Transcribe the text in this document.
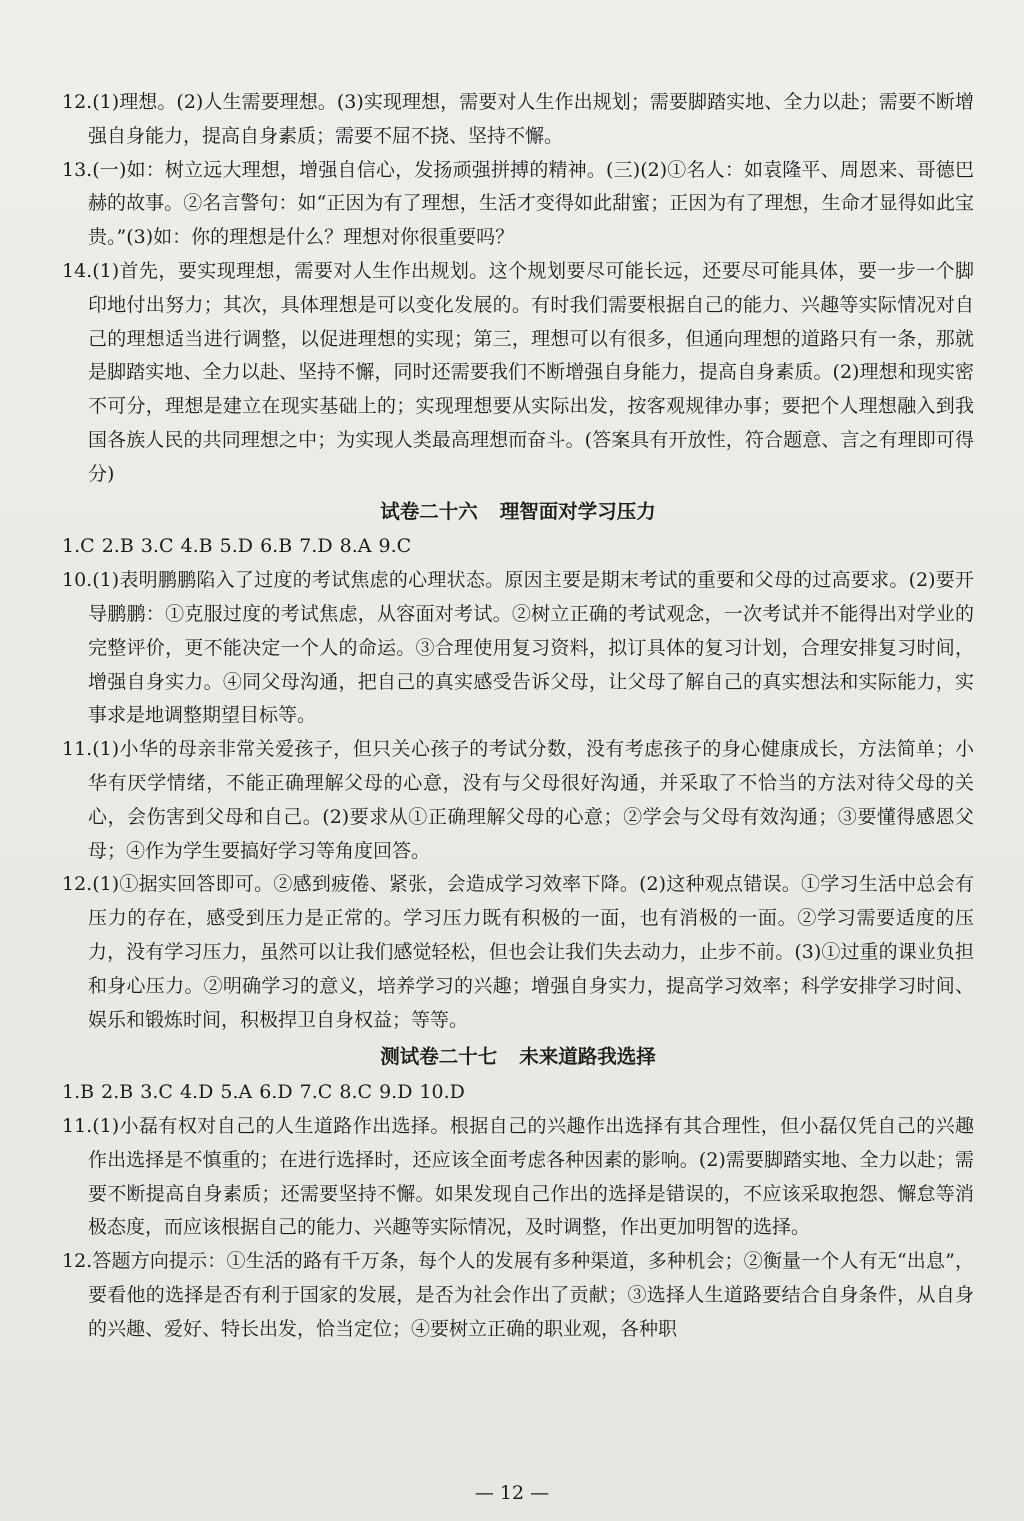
12.(1)理想。(2)人生需要理想。(3)实现理想，需要对人生作出规划；需要脚踏实地、全力以赴；需要不断增强自身能力，提高自身素质；需要不屈不挠、坚持不懈。

13.(一)如：树立远大理想，增强自信心，发扬顽强拼搏的精神。(三)(2)①名人：如袁隆平、周恩来、哥德巴赫的故事。②名言警句：如“正因为有了理想，生活才变得如此甜蜜；正因为有了理想，生命才显得如此宝贵。”(3)如：你的理想是什么？理想对你很重要吗？

14.(1)首先，要实现理想，需要对人生作出规划。这个规划要尽可能长远，还要尽可能具体，要一步一个脚印地付出努力；其次，具体理想是可以变化发展的。有时我们需要根据自己的能力、兴趣等实际情况对自己的理想适当进行调整，以促进理想的实现；第三，理想可以有很多，但通向理想的道路只有一条，那就是脚踏实地、全力以赴、坚持不懈，同时还需要我们不断增强自身能力，提高自身素质。(2)理想和现实密不可分，理想是建立在现实基础上的；实现理想要从实际出发，按客观规律办事；要把个人理想融入到我国各族人民的共同理想之中；为实现人类最高理想而奋斗。(答案具有开放性，符合题意、言之有理即可得分)

试卷二十六 理智面对学习压力

1.C 2.B 3.C 4.B 5.D 6.B 7.D 8.A 9.C

10.(1)表明鹏鹏陷入了过度的考试焦虑的心理状态。原因主要是期末考试的重要和父母的过高要求。(2)要开导鹏鹏：①克服过度的考试焦虑，从容面对考试。②树立正确的考试观念，一次考试并不能得出对学业的完整评价，更不能决定一个人的命运。③合理使用复习资料，拟订具体的复习计划，合理安排复习时间，增强自身实力。④同父母沟通，把自己的真实感受告诉父母，让父母了解自己的真实想法和实际能力，实事求是地调整期望目标等。

11.(1)小华的母亲非常关爱孩子，但只关心孩子的考试分数，没有考虑孩子的身心健康成长，方法简单；小华有厌学情绪，不能正确理解父母的心意，没有与父母很好沟通，并采取了不恰当的方法对待父母的关心，会伤害到父母和自己。(2)要求从①正确理解父母的心意；②学会与父母有效沟通；③要懂得感恩父母；④作为学生要搞好学习等角度回答。

12.(1)①据实回答即可。②感到疲倦、紧张，会造成学习效率下降。(2)这种观点错误。①学习生活中总会有压力的存在，感受到压力是正常的。学习压力既有积极的一面，也有消极的一面。②学习需要适度的压力，没有学习压力，虽然可以让我们感觉轻松，但也会让我们失去动力，止步不前。(3)①过重的课业负担和身心压力。②明确学习的意义，培养学习的兴趣；增强自身实力，提高学习效率；科学安排学习时间、娱乐和锻炼时间，积极捍卫自身权益；等等。

测试卷二十七 未来道路我选择

1.B 2.B 3.C 4.D 5.A 6.D 7.C 8.C 9.D 10.D

11.(1)小磊有权对自己的人生道路作出选择。根据自己的兴趣作出选择有其合理性，但小磊仅凭自己的兴趣作出选择是不慎重的；在进行选择时，还应该全面考虑各种因素的影响。(2)需要脚踏实地、全力以赴；需要不断提高自身素质；还需要坚持不懈。如果发现自己作出的选择是错误的，不应该采取抱怨、懈怠等消极态度，而应该根据自己的能力、兴趣等实际情况，及时调整，作出更加明智的选择。

12.答题方向提示：①生活的路有千万条，每个人的发展有多种渠道，多种机会；②衡量一个人有无“出息”，要看他的选择是否有利于国家的发展，是否为社会作出了贡献；③选择人生道路要结合自身条件，从自身的兴趣、爱好、特长出发，恰当定位；④要树立正确的职业观，各种职

— 12 —
